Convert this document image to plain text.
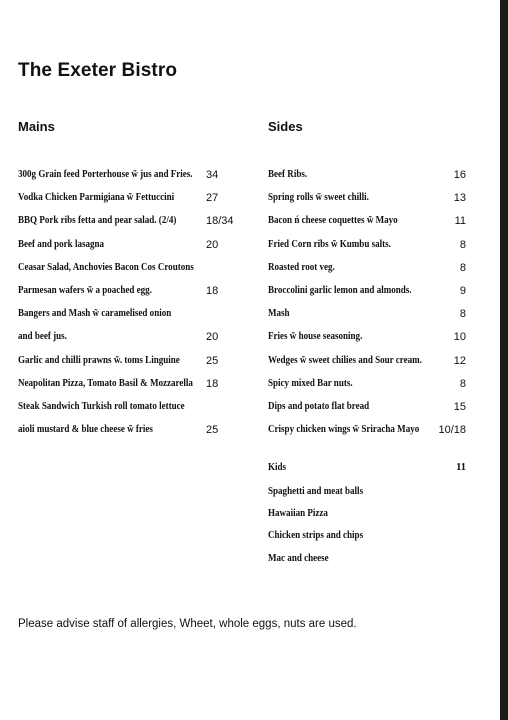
The Exeter Bistro
Mains	Sides
300g Grain feed Porterhouse w̃ jus and Fries. 34
Vodka Chicken Parmigiana w̃ Fettuccini	27
BBQ Pork ribs fetta and pear salad. (2/4)	18/34
Beef and pork lasagna	20
Ceasar Salad, Anchovies Bacon Cos Croutons
Parmesan wafers w̃ a poached egg.	18
Bangers and Mash w̃ caramelised onion
and beef jus.	20
Garlic and chilli prawns w̃. toms Linguine 25
Neapolitan Pizza, Tomato Basil & Mozzarella 18
Steak Sandwich Turkish roll tomato lettuce
aioli mustard & blue cheese w̃ fries	25
Beef Ribs.	16
Spring rolls w̃ sweet chilli.	13
Bacon ń cheese coquettes w̃ Mayo	11
Fried Corn ribs w̃ Kumbu salts.	8
Roasted root veg.	8
Broccolini garlic lemon and almonds.	9
Mash	8
Fries w̃ house seasoning.	10
Wedges w̃ sweet chilies and Sour cream.	12
Spicy mixed Bar nuts.	8
Dips and potato flat bread	15
Crispy chicken wings w̃ Sriracha Mayo 10/18
Kids	11
Spaghetti and meat balls
Hawaiian Pizza
Chicken strips and chips
Mac and cheese
Please advise staff of allergies, Wheet, whole eggs, nuts are used.
